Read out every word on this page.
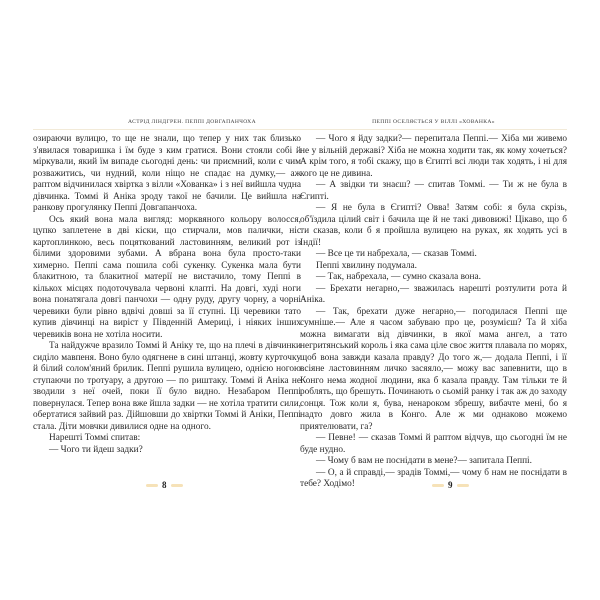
АСТРІД ЛІНДГРЕН. ПЕППІ ДОВГАПАНЧОХА

озираючи вулицю, то ще не знали, що тепер у них так близько з'явилася товаришка і їм буде з ким гратися. Вони стояли собі й міркували, який їм випаде сьогодні день: чи приємний, коли є чим розважитись, чи нудний, коли ніщо не спадає на думку,— аж раптом відчинилася хвіртка з вілли «Хованка» і з неї вийшла чудна дівчинка. Томмі й Аніка зроду такої не бачили. Це вийшла на ранкову прогулянку Пеппі Довгапанчоха.

Ось який вона мала вигляд: морквяного кольору волосся, цупко заплетене в дві кіски, що стирчали, мов палички, ніс картоплинкою, весь поцяткований ластовинням, великий рот із білими здоровими зубами. А вбрана вона була просто-таки химерно. Пеппі сама пошила собі сукенку. Сукенка мала бути блакитною, та блакитної матерії не вистачило, тому Пеппі в кількох місцях подоточувала червоні клапті. На довгі, худі ноги вона понатягала довгі панчохи — одну руду, другу чорну, а чорні черевики були рівно вдвічі довші за її ступні. Ці черевики тато купив дівчинці на виріст у Південній Америці, і ніяких інших черевиків вона не хотіла носити.

Та найдужче вразило Томмі й Аніку те, що на плечі в дівчинки сиділо мавпеня. Воно було одягнене в сині штанці, жовту курточку й білий солом'яний брилик. Пеппі рушила вулицею, однією ногою ступаючи по тротуару, а другою — по риштаку. Томмі й Аніка не зводили з неї очей, поки її було видно. Незабаром Пеппі повернулася. Тепер вона вже йшла задки — не хотіла тратити сили, обертатися зайвий раз. Дійшовши до хвіртки Томмі й Аніки, Пеппі стала. Діти мовчки дивилися одне на одного.

Нарешті Томмі спитав:

— Чого ти йдеш задки?

8
ПЕППІ ОСЕЛЯЄТЬСЯ У ВІЛЛІ «ХОВАНКА»

— Чого я йду задки?— перепитала Пеппі.— Хіба ми живемо не у вільній державі? Хіба не можна ходити так, як кому хочеться? А крім того, я тобі скажу, що в Єгипті всі люди так ходять, і ні для кого це не дивина.

— А звідки ти знаєш? — спитав Томмі. — Ти ж не була в Єгипті.

— Я не була в Єгипті? Овва! Затям собі: я була скрізь, об'їздила цілий світ і бачила ще й не такі дивовижі! Цікаво, що б ти сказав, коли б я пройшла вулицею на руках, як ходять усі в Індії!

— Все це ти набрехала, — сказав Томмі.

Пеппі хвилину подумала.

— Так, набрехала, — сумно сказала вона.

— Брехати негарно,— зважилась нарешті розтулити рота й Аніка.

— Так, брехати дуже негарно,— погодилася Пеппі ще сумніше.— Але я часом забуваю про це, розумієш? Та й хіба можна вимагати від дівчинки, в якої мама ангел, а тато негритянський король і яка сама ціле своє життя плавала по морях, щоб вона завжди казала правду? До того ж,— додала Пеппі, і її всіяне ластовинням личко засяяло,— можу вас запевнити, що в Конго нема жодної людини, яка б казала правду. Там тільки те й роблять, що брешуть. Починають о сьомій ранку і так аж до заходу сонця. Тож коли я, бува, ненароком збрешу, вибачте мені, бо я надто довго жила в Конго. Але ж ми однаково можемо приятелювати, га?

— Певне! — сказав Томмі й раптом відчув, що сьогодні їм не буде нудно.

— Чому б вам не поснідати в мене?— запитала Пеппі.

— О, а й справді,— зрадів Томмі,— чому б нам не поснідати в тебе? Ходімо!	9
